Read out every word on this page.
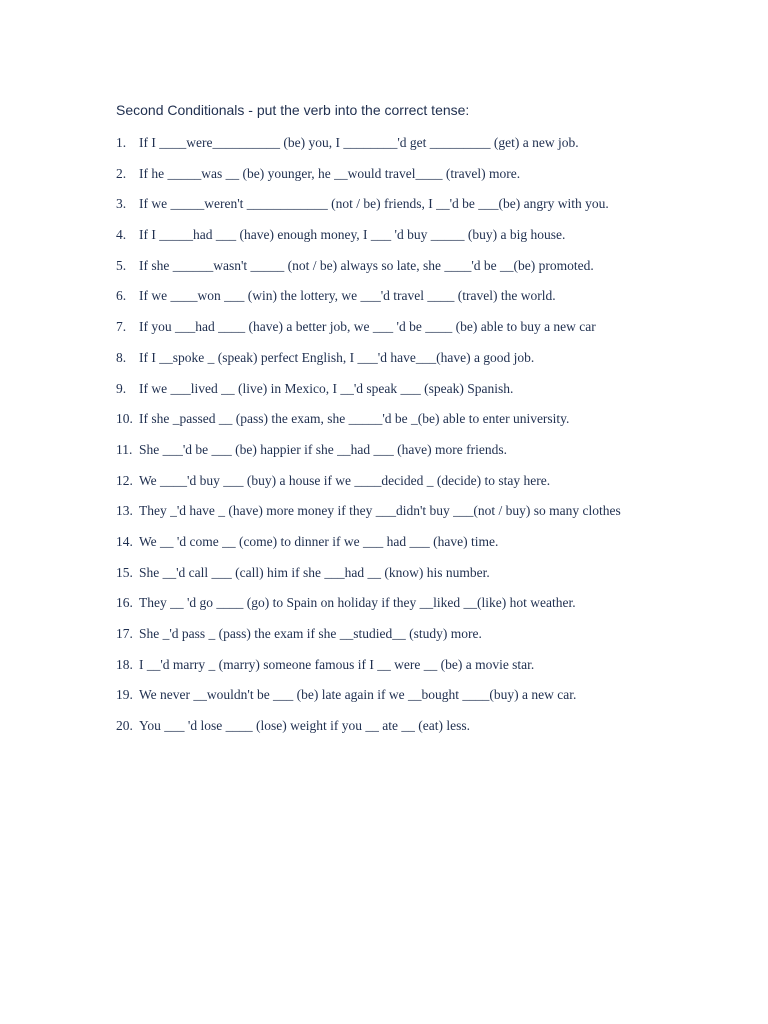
Second Conditionals - put the verb into the correct tense:
1. If I ____were__________ (be) you, I ________'d get _________ (get) a new job.
2. If he _____was __ (be) younger, he __would travel____ (travel) more.
3. If we _____weren't ____________ (not / be) friends, I __'d be ___(be) angry with you.
4. If I _____had ___ (have) enough money, I ___ 'd buy _____ (buy) a big house.
5. If she ______wasn't _____ (not / be) always so late, she ____'d be __(be) promoted.
6. If we ____won ___ (win) the lottery, we ___'d travel ____ (travel) the world.
7. If you ___had ____ (have) a better job, we ___ 'd be ____ (be) able to buy a new car
8. If I __spoke _ (speak) perfect English, I ___'d have___(have) a good job.
9. If we ___lived __ (live) in Mexico, I __'d speak ___ (speak) Spanish.
10. If she _passed __ (pass) the exam, she _____'d be _(be) able to enter university.
11. She ___'d be ___ (be) happier if she __had ___ (have) more friends.
12. We ____'d buy ___ (buy) a house if we ____decided _ (decide) to stay here.
13. They _'d have _ (have) more money if they ___didn't buy ___(not / buy) so many clothes
14. We __ 'd come __ (come) to dinner if we ___ had ___ (have) time.
15. She __'d call ___ (call) him if she ___had __ (know) his number.
16. They __ 'd go ____ (go) to Spain on holiday if they __liked __(like) hot weather.
17. She _'d pass _ (pass) the exam if she __studied__ (study) more.
18. I __'d marry _ (marry) someone famous if I __ were __ (be) a movie star.
19. We never __wouldn't be ___ (be) late again if we __bought ____(buy) a new car.
20. You ___ 'd lose ____ (lose) weight if you __ ate __ (eat) less.
